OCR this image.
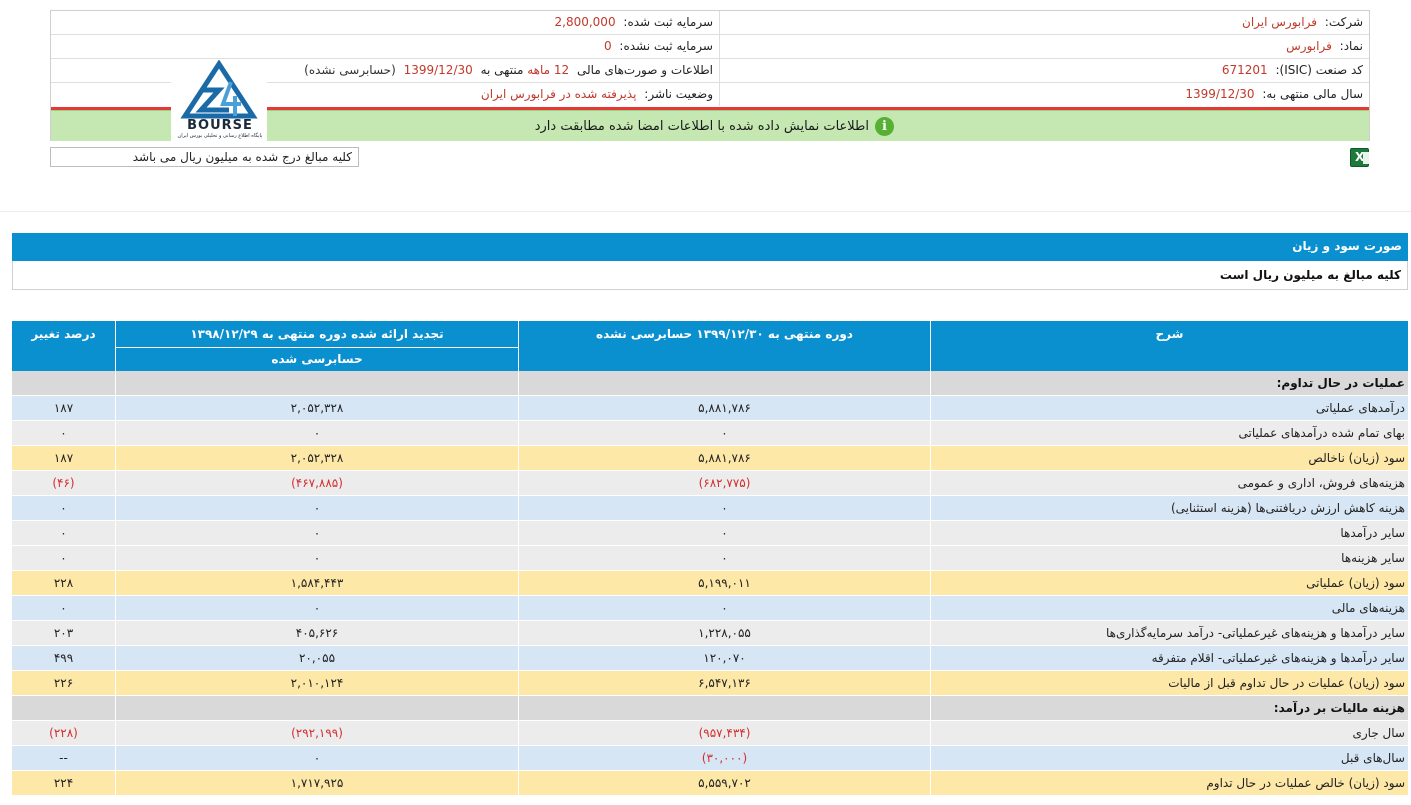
شرکت: فرابورس ایران
سرمایه ثبت شده: 2,800,000
نماد: فرابورس
سرمایه ثبت نشده: 0
کد صنعت (ISIC): 671201
اطلاعات و صورت‌های مالی 12 ماهه منتهی به 1399/12/30 (حسابرسی نشده)
سال مالی منتهی به: 1399/12/30
وضعیت ناشر: پذیرفته شده در فرابورس ایران
i
اطلاعات نمایش داده شده با اطلاعات امضا شده مطابقت دارد
BOURSE
پایگاه اطلاع رسانی و تحلیلی بورس ایران
کلیه مبالغ درج شده به میلیون ریال می باشد
X
صورت سود و زیان
کلیه مبالغ به میلیون ریال است
شرح
دوره منتهی به ۱۳۹۹/۱۲/۳۰ حسابرسی نشده
تجدید ارائه شده دوره منتهی به ۱۳۹۸/۱۲/۲۹
حسابرسی شده
درصد تغییر
عملیات در حال تداوم:
درآمدهای عملیاتی
۵,۸۸۱,۷۸۶
۲,۰۵۲,۳۲۸
۱۸۷
بهای تمام شده درآمدهای عملیاتی
۰
۰
۰
سود (زیان) ناخالص
۵,۸۸۱,۷۸۶
۲,۰۵۲,۳۲۸
۱۸۷
هزینه‌های فروش، اداری و عمومی
(۶۸۲,۷۷۵)
(۴۶۷,۸۸۵)
(۴۶)
هزینه کاهش ارزش دریافتنی‌ها (هزینه استثنایی)
۰
۰
۰
سایر درآمدها
۰
۰
۰
سایر هزینه‌ها
۰
۰
۰
سود (زیان) عملیاتی
۵,۱۹۹,۰۱۱
۱,۵۸۴,۴۴۳
۲۲۸
هزینه‌های مالی
۰
۰
۰
سایر درآمدها و هزینه‌های غیرعملیاتی- درآمد سرمایه‌گذاری‌ها
۱,۲۲۸,۰۵۵
۴۰۵,۶۲۶
۲۰۳
سایر درآمدها و هزینه‌های غیرعملیاتی- اقلام متفرقه
۱۲۰,۰۷۰
۲۰,۰۵۵
۴۹۹
سود (زیان) عملیات در حال تداوم قبل از مالیات
۶,۵۴۷,۱۳۶
۲,۰۱۰,۱۲۴
۲۲۶
هزینه مالیات بر درآمد:
سال جاری
(۹۵۷,۴۳۴)
(۲۹۲,۱۹۹)
(۲۲۸)
سال‌های قبل
(۳۰,۰۰۰)
۰
--
سود (زیان) خالص عملیات در حال تداوم
۵,۵۵۹,۷۰۲
۱,۷۱۷,۹۲۵
۲۲۴
